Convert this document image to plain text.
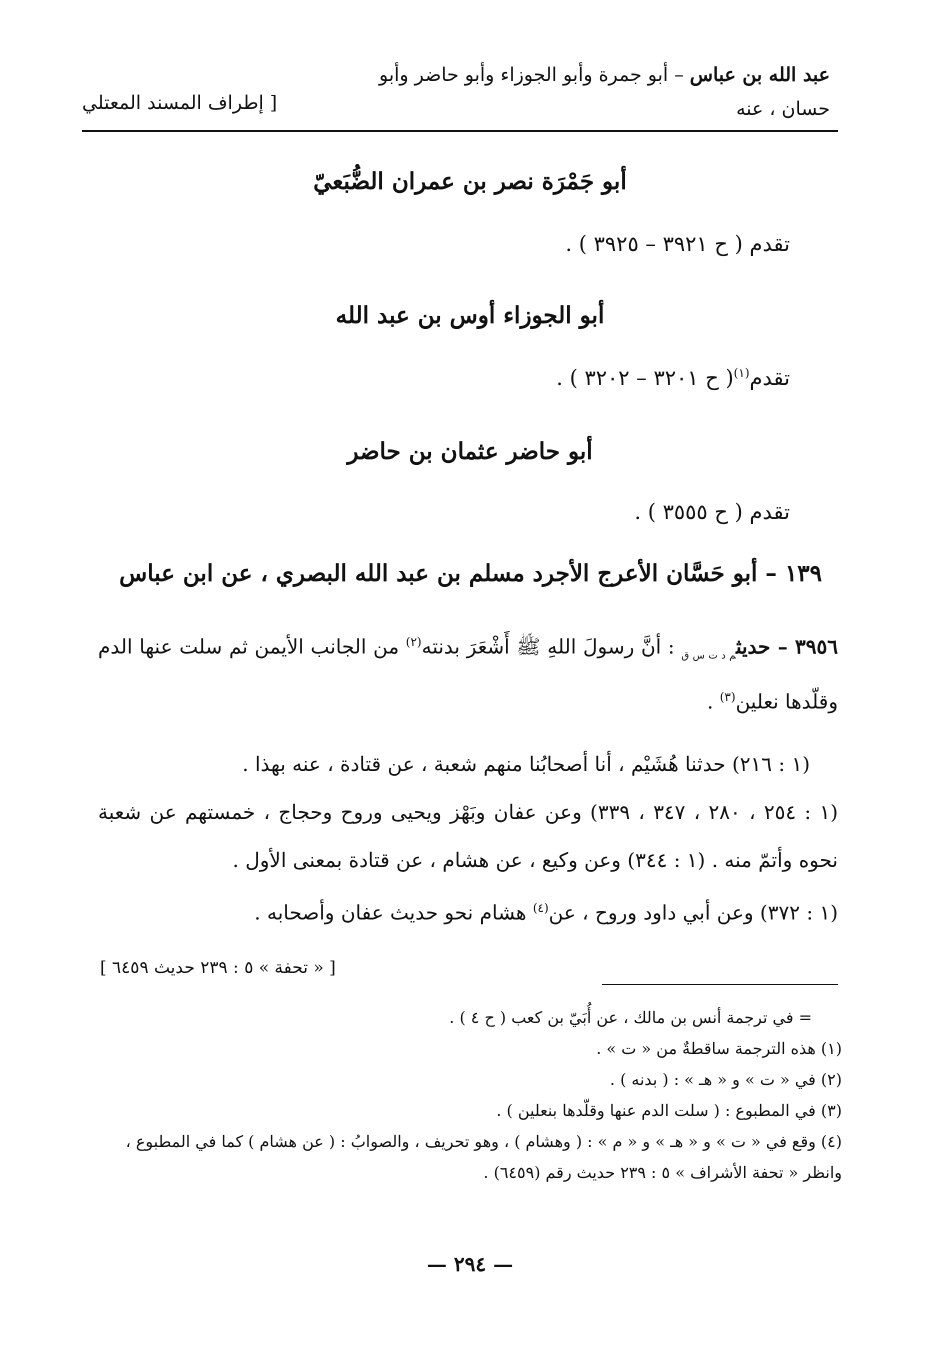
عبد الله بن عباس – أبو جمرة وأبو الجوزاء وأبو حاضر وأبو
حسان ، عنه
[ إطراف المسند المعتلي
أبو جَمْرَة نصر بن عمران الضُّبَعيّ
تقدم ( ح ٣٩٢١ – ٣٩٢٥ ) .
أبو الجوزاء أوس بن عبد الله
تقدم$^{(١)}$( ح ٣٢٠١ – ٣٢٠٢ ) .
أبو حاضر عثمان بن حاضر
تقدم ( ح ٣٥٥٥ ) .
١٣٩ – أبو حَسَّان الأعرج الأجرد مسلم بن عبد الله البصري ، عن ابن عباس
٣٩٥٦ – حديث$_{م د ت س ق}$ : أنَّ رسولَ اللهِ ﷺ أَشْعَرَ بدنته$^{(٢)}$ من الجانب الأيمن ثم سلت عنها الدم وقلّدها نعلين$^{(٣)}$ .

(١ : ٢١٦) حدثنا هُشَيْم ، أنا أصحابُنا منهم شعبة ، عن قتادة ، عنه بهذا .

(١ : ٢٥٤ ، ٢٨٠ ، ٣٤٧ ، ٣٣٩) وعن عفان وبَهْز ويحيى وروح وحجاج ، خمستهم عن شعبة نحوه وأتمّ منه . (١ : ٣٤٤) وعن وكيع ، عن هشام ، عن قتادة بمعنى الأول .

(١ : ٣٧٢) وعن أبي داود وروح ، عن$^{(٤)}$ هشام نحو حديث عفان وأصحابه .

[ « تحفة » ٥ : ٢٣٩ حديث ٦٤٥٩ ]

= في ترجمة أنس بن مالك ، عن أُبَيّ بن كعب ( ح ٤ ) .

(١) هذه الترجمة ساقطةٌ من « ت » .

(٢) في « ت » و « هـ » : ( بدنه ) .

(٣) في المطبوع : ( سلت الدم عنها وقلّدها بنعلين ) .

(٤) وقع في « ت » و « هـ » و « م » : ( وهشام ) ، وهو تحريف ، والصوابُ : ( عن هشام ) كما في المطبوع ، وانظر « تحفة الأشراف » ٥ : ٢٣٩ حديث رقم (٦٤٥٩) .

— ٢٩٤ —
